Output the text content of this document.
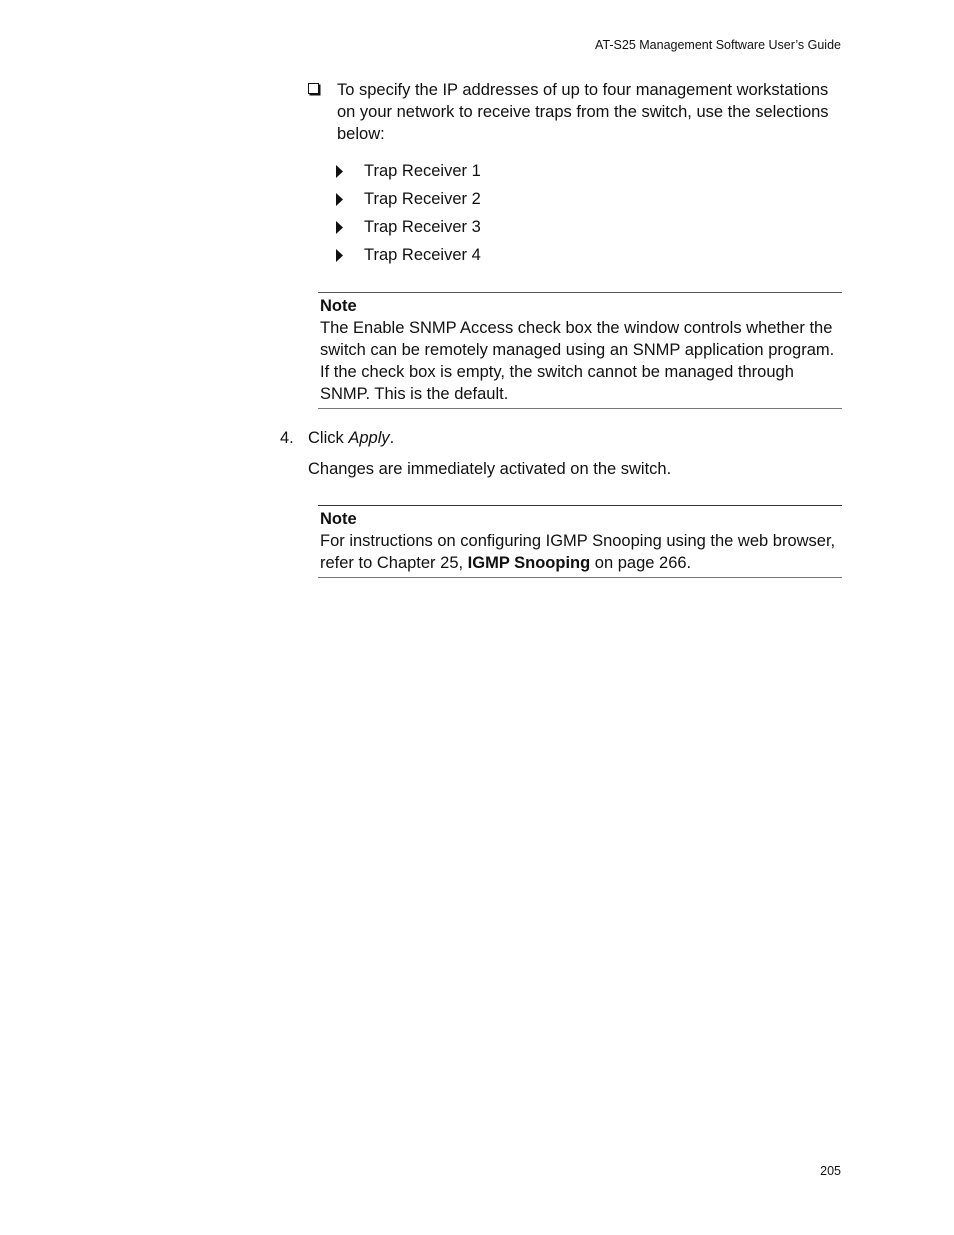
AT-S25 Management Software User’s Guide
To specify the IP addresses of up to four management workstations on your network to receive traps from the switch, use the selections below:
Trap Receiver 1
Trap Receiver 2
Trap Receiver 3
Trap Receiver 4
Note
The Enable SNMP Access check box the window controls whether the switch can be remotely managed using an SNMP application program. If the check box is empty, the switch cannot be managed through SNMP. This is the default.
4. Click Apply.
Changes are immediately activated on the switch.
Note
For instructions on configuring IGMP Snooping using the web browser, refer to Chapter 25, IGMP Snooping on page 266.
205
